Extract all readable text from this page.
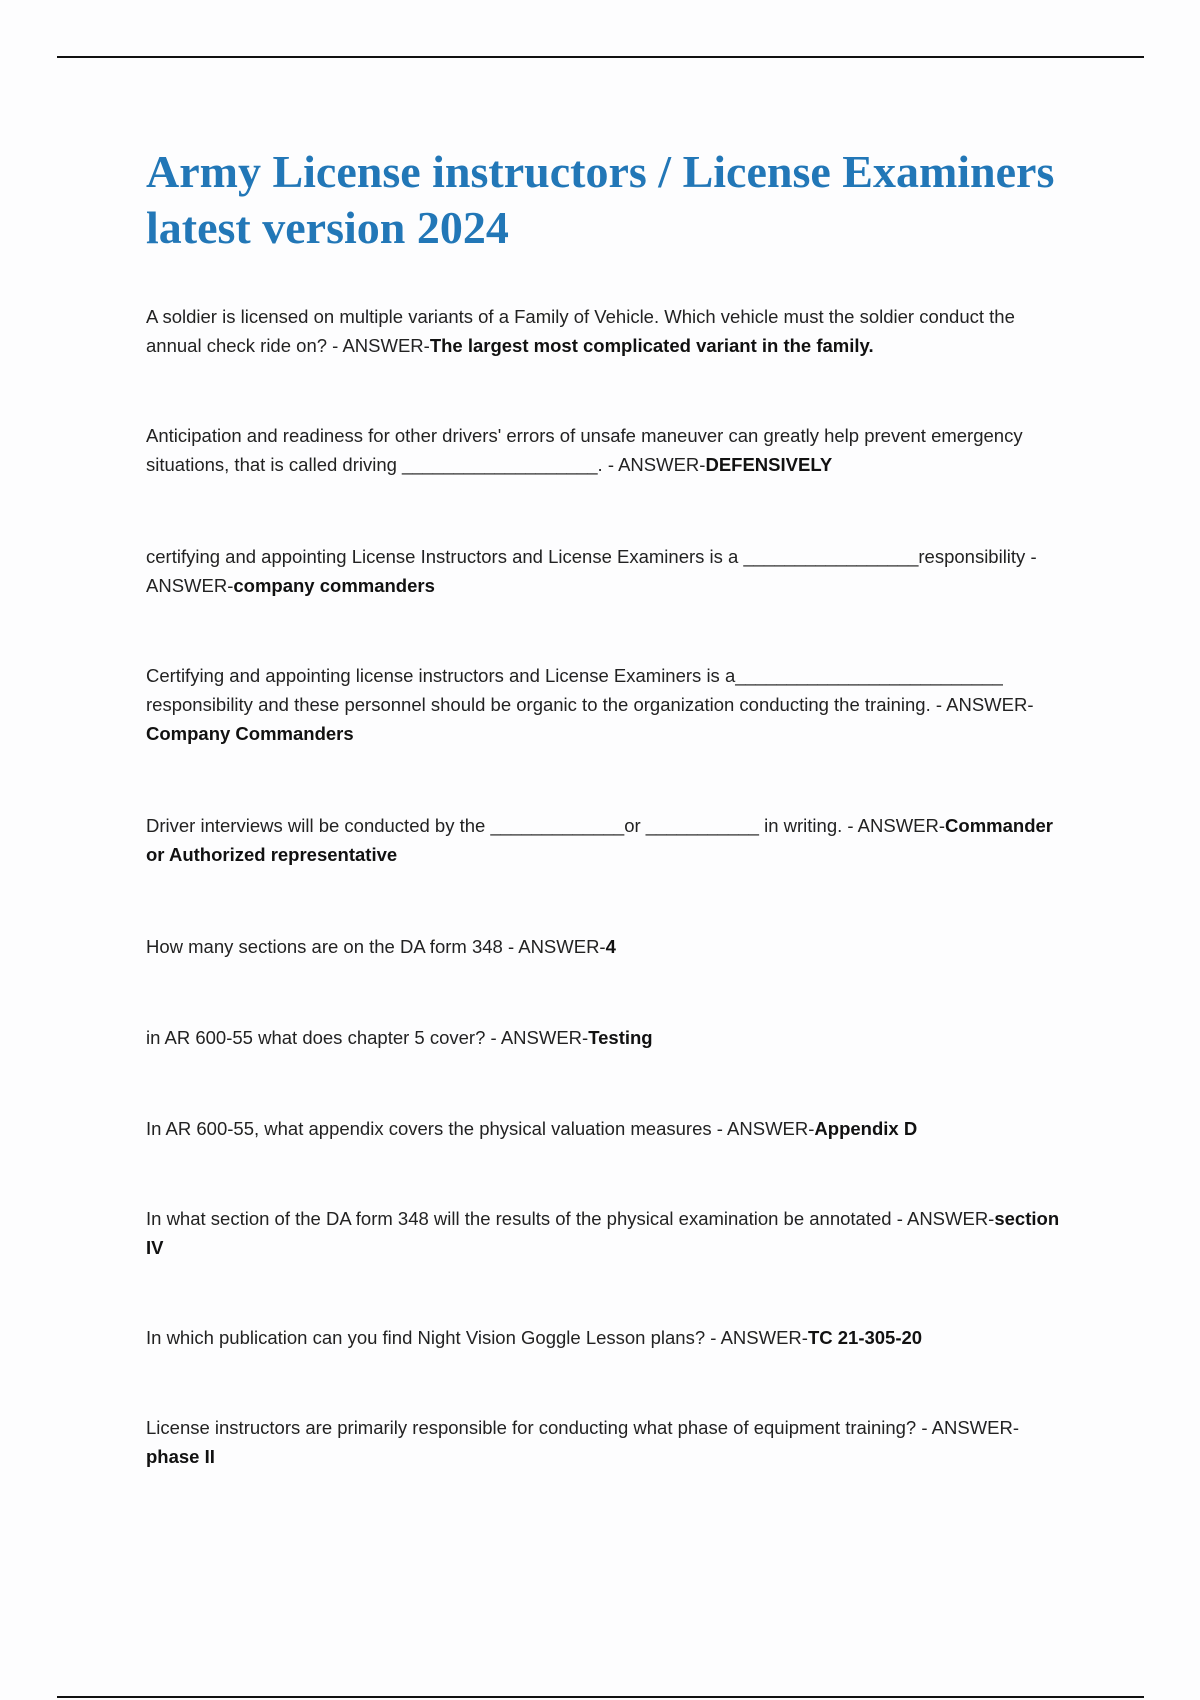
Army License instructors / License Examiners latest version 2024

A soldier is licensed on multiple variants of a Family of Vehicle. Which vehicle must the soldier conduct the annual check ride on? - ANSWER-The largest most complicated variant in the family.

Anticipation and readiness for other drivers' errors of unsafe maneuver can greatly help prevent emergency situations, that is called driving ___________________. - ANSWER-DEFENSIVELY

certifying and appointing License Instructors and License Examiners is a _________________responsibility - ANSWER-company commanders

Certifying and appointing license instructors and License Examiners is a__________________________ responsibility and these personnel should be organic to the organization conducting the training. - ANSWER-Company Commanders

Driver interviews will be conducted by the _____________or ___________ in writing. - ANSWER-Commander or Authorized representative

How many sections are on the DA form 348 - ANSWER-4

in AR 600-55 what does chapter 5 cover? - ANSWER-Testing

In AR 600-55, what appendix covers the physical valuation measures - ANSWER-Appendix D

In what section of the DA form 348 will the results of the physical examination be annotated - ANSWER-section IV

In which publication can you find Night Vision Goggle Lesson plans? - ANSWER-TC 21-305-20

License instructors are primarily responsible for conducting what phase of equipment training? - ANSWER-phase II
